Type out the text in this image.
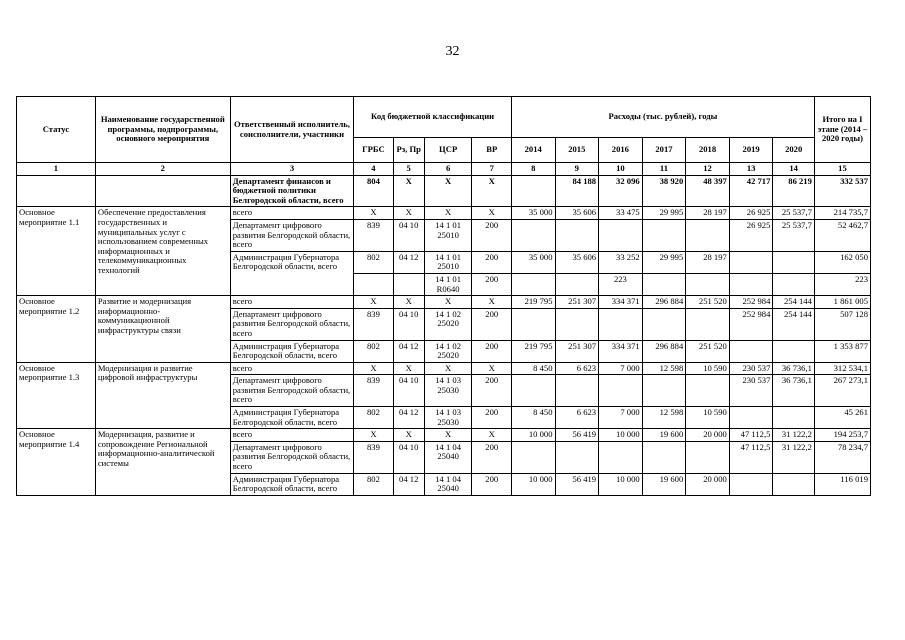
32
Статус	Наименование государственной программы, подпрограммы, основного мероприятия	Ответственный исполнитель, соисполнители, участники	Код бюджетной классификации				Расходы (тыс. рублей), годы							Итого на I этапе (2014 – 2020 годы)
			ГРБС	Рз, Пр	ЦСР	ВР	2014	2015	2016	2017	2018	2019	2020	
1	2	3	4	5	6	7	8	9	10	11	12	13	14	15
		Департамент финансов и бюджетной политики Белгородской области, всего	804	X	X	X		84 188	32 096	38 920	48 397	42 717	86 219	332 537
Основное мероприятие 1.1	Обеспечение предоставления государственных и муниципальных услуг с использованием современных информационных и телекоммуникационных технологий	всего	X	X	X	X	35 000	35 606	33 475	29 995	28 197	26 925	25 537,7	214 735,7
		Департамент цифрового развития Белгородской области, всего	839	04 10	14 1 01 25010	200						26 925	25 537,7	52 462,7
		Администрация Губернатора Белгородской области, всего	802	04 12	14 1 01 25010	200	35 000	35 606	33 252	29 995	28 197			162 050
					14 1 01 R0640	200			223					223
Основное мероприятие 1.2	Развитие и модернизация информационно-коммуникационной инфраструктуры связи	всего	X	X	X	X	219 795	251 307	334 371	296 884	251 520	252 984	254 144	1 861 005
		Департамент цифрового развития Белгородской области, всего	839	04 10	14 1 02 25020	200						252 984	254 144	507 128
		Администрация Губернатора Белгородской области, всего	802	04 12	14 1 02 25020	200	219 795	251 307	334 371	296 884	251 520			1 353 877
Основное мероприятие 1.3	Модернизация и развитие цифровой инфраструктуры	всего	X	X	X	X	8 450	6 623	7 000	12 598	10 590	230 537	36 736,1	312 534,1
		Департамент цифрового развития Белгородской области, всего	839	04 10	14 1 03 25030	200						230 537	36 736,1	267 273,1
		Администрация Губернатора Белгородской области, всего	802	04 12	14 1 03 25030	200	8 450	6 623	7 000	12 598	10 590			45 261
Основное мероприятие 1.4	Модернизация, развитие и сопровождение Региональной информационно-аналитической системы	всего	X	X	X	X	10 000	56 419	10 000	19 600	20 000	47 112,5	31 122,2	194 253,7
		Департамент цифрового развития Белгородской области, всего	839	04 10	14 1 04 25040	200						47 112,5	31 122,2	78 234,7
		Администрация Губернатора Белгородской области, всего	802	04 12	14 1 04 25040	200	10 000	56 419	10 000	19 600	20 000			116 019
